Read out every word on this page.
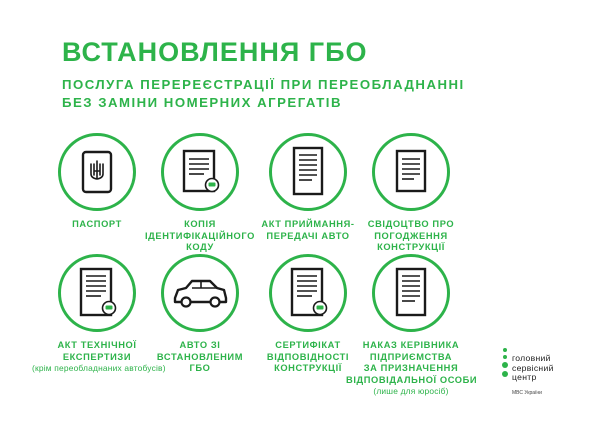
ВСТАНОВЛЕННЯ ГБО
ПОСЛУГА ПЕРЕРЕЄСТРАЦІЇ ПРИ ПЕРЕОБЛАДНАННІ
БЕЗ ЗАМІНИ НОМЕРНИХ АГРЕГАТІВ
ПАСПОРТ	КОПІЯ
ІДЕНТИФІКАЦІЙНОГО
КОДУ
АКТ ПРИЙМАННЯ-
ПЕРЕДАЧІ АВТО
СВІДОЦТВО ПРО
ПОГОДЖЕННЯ
КОНСТРУКЦІЇ
АКТ ТЕХНІЧНОЇ
ЕКСПЕРТИЗИ
(крім переобладнаних автобусів)
АВТО ЗІ
ВСТАНОВЛЕНИМ
ГБО
СЕРТИФІКАТ
ВІДПОВІДНОСТІ
КОНСТРУКЦІЇ
НАКАЗ КЕРІВНИКА
ПІДПРИЄМСТВА
ЗА ПРИЗНАЧЕННЯ
ВІДПОВІДАЛЬНОЇ ОСОБИ
(лише для юросіб)
головний
сервісний
центр
МВС України
